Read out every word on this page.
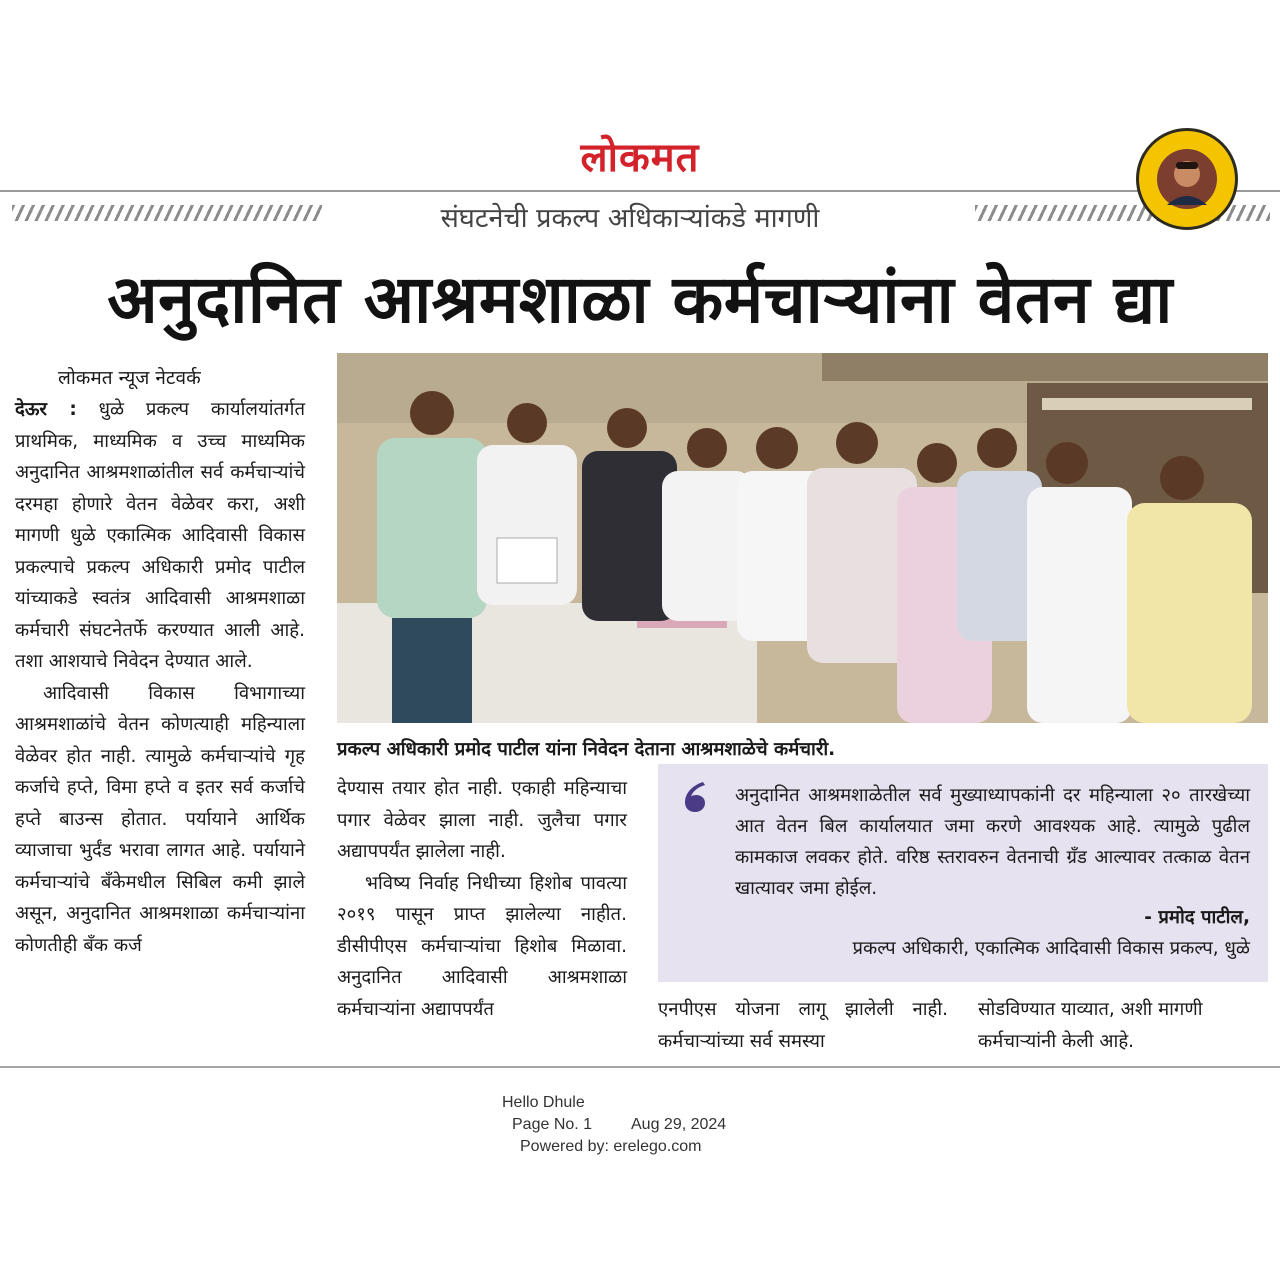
लोकमत
संघटनेची प्रकल्प अधिकाऱ्यांकडे मागणी
अनुदानित आश्रमशाळा कर्मचाऱ्यांना वेतन द्या
लोकमत न्यूज नेटवर्क

देऊर : धुळे प्रकल्प कार्यालयांतर्गत प्राथमिक, माध्यमिक व उच्च माध्यमिक अनुदानित आश्रमशाळांतील सर्व कर्मचाऱ्यांचे दरमहा होणारे वेतन वेळेवर करा, अशी मागणी धुळे एकात्मिक आदिवासी विकास प्रकल्पाचे प्रकल्प अधिकारी प्रमोद पाटील यांच्याकडे स्वतंत्र आदिवासी आश्रमशाळा कर्मचारी संघटनेतर्फे करण्यात आली आहे. तशा आशयाचे निवेदन देण्यात आले.

आदिवासी विकास विभागाच्या आश्रमशाळांचे वेतन कोणत्याही महिन्याला वेळेवर होत नाही. त्यामुळे कर्मचाऱ्यांचे गृह कर्जाचे हप्ते, विमा हप्ते व इतर सर्व कर्जाचे हप्ते बाउन्स होतात. पर्यायाने आर्थिक व्याजाचा भुर्दंड भरावा लागत आहे. पर्यायाने कर्मचाऱ्यांचे बँकेमधील सिबिल कमी झाले असून, अनुदानित आश्रमशाळा कर्मचाऱ्यांना कोणतीही बँक कर्ज

प्रकल्प अधिकारी प्रमोद पाटील यांना निवेदन देताना आश्रमशाळेचे कर्मचारी.

देण्यास तयार होत नाही. एकाही महिन्याचा पगार वेळेवर झाला नाही. जुलैचा पगार अद्यापपर्यंत झालेला नाही.

भविष्य निर्वाह निधीच्या हिशोब पावत्या २०१९ पासून प्राप्त झालेल्या नाहीत. डीसीपीएस कर्मचाऱ्यांचा हिशोब मिळावा. अनुदानित आदिवासी आश्रमशाळा कर्मचाऱ्यांना अद्यापपर्यंत

अनुदानित आश्रमशाळेतील सर्व मुख्याध्यापकांनी दर महिन्याला २० तारखेच्या आत वेतन बिल कार्यालयात जमा करणे आवश्यक आहे. त्यामुळे पुढील कामकाज लवकर होते. वरिष्ठ स्तरावरुन वेतनाची ग्रँड आल्यावर तत्काळ वेतन खात्यावर जमा होईल.
- प्रमोद पाटील,
प्रकल्प अधिकारी, एकात्मिक आदिवासी विकास प्रकल्प, धुळे

एनपीएस योजना लागू झालेली नाही. कर्मचाऱ्यांच्या सर्व समस्या

सोडविण्यात याव्यात, अशी मागणी कर्मचाऱ्यांनी केली आहे.

Hello Dhule
Page No. 1 Aug 29, 2024
Powered by: erelego.com
